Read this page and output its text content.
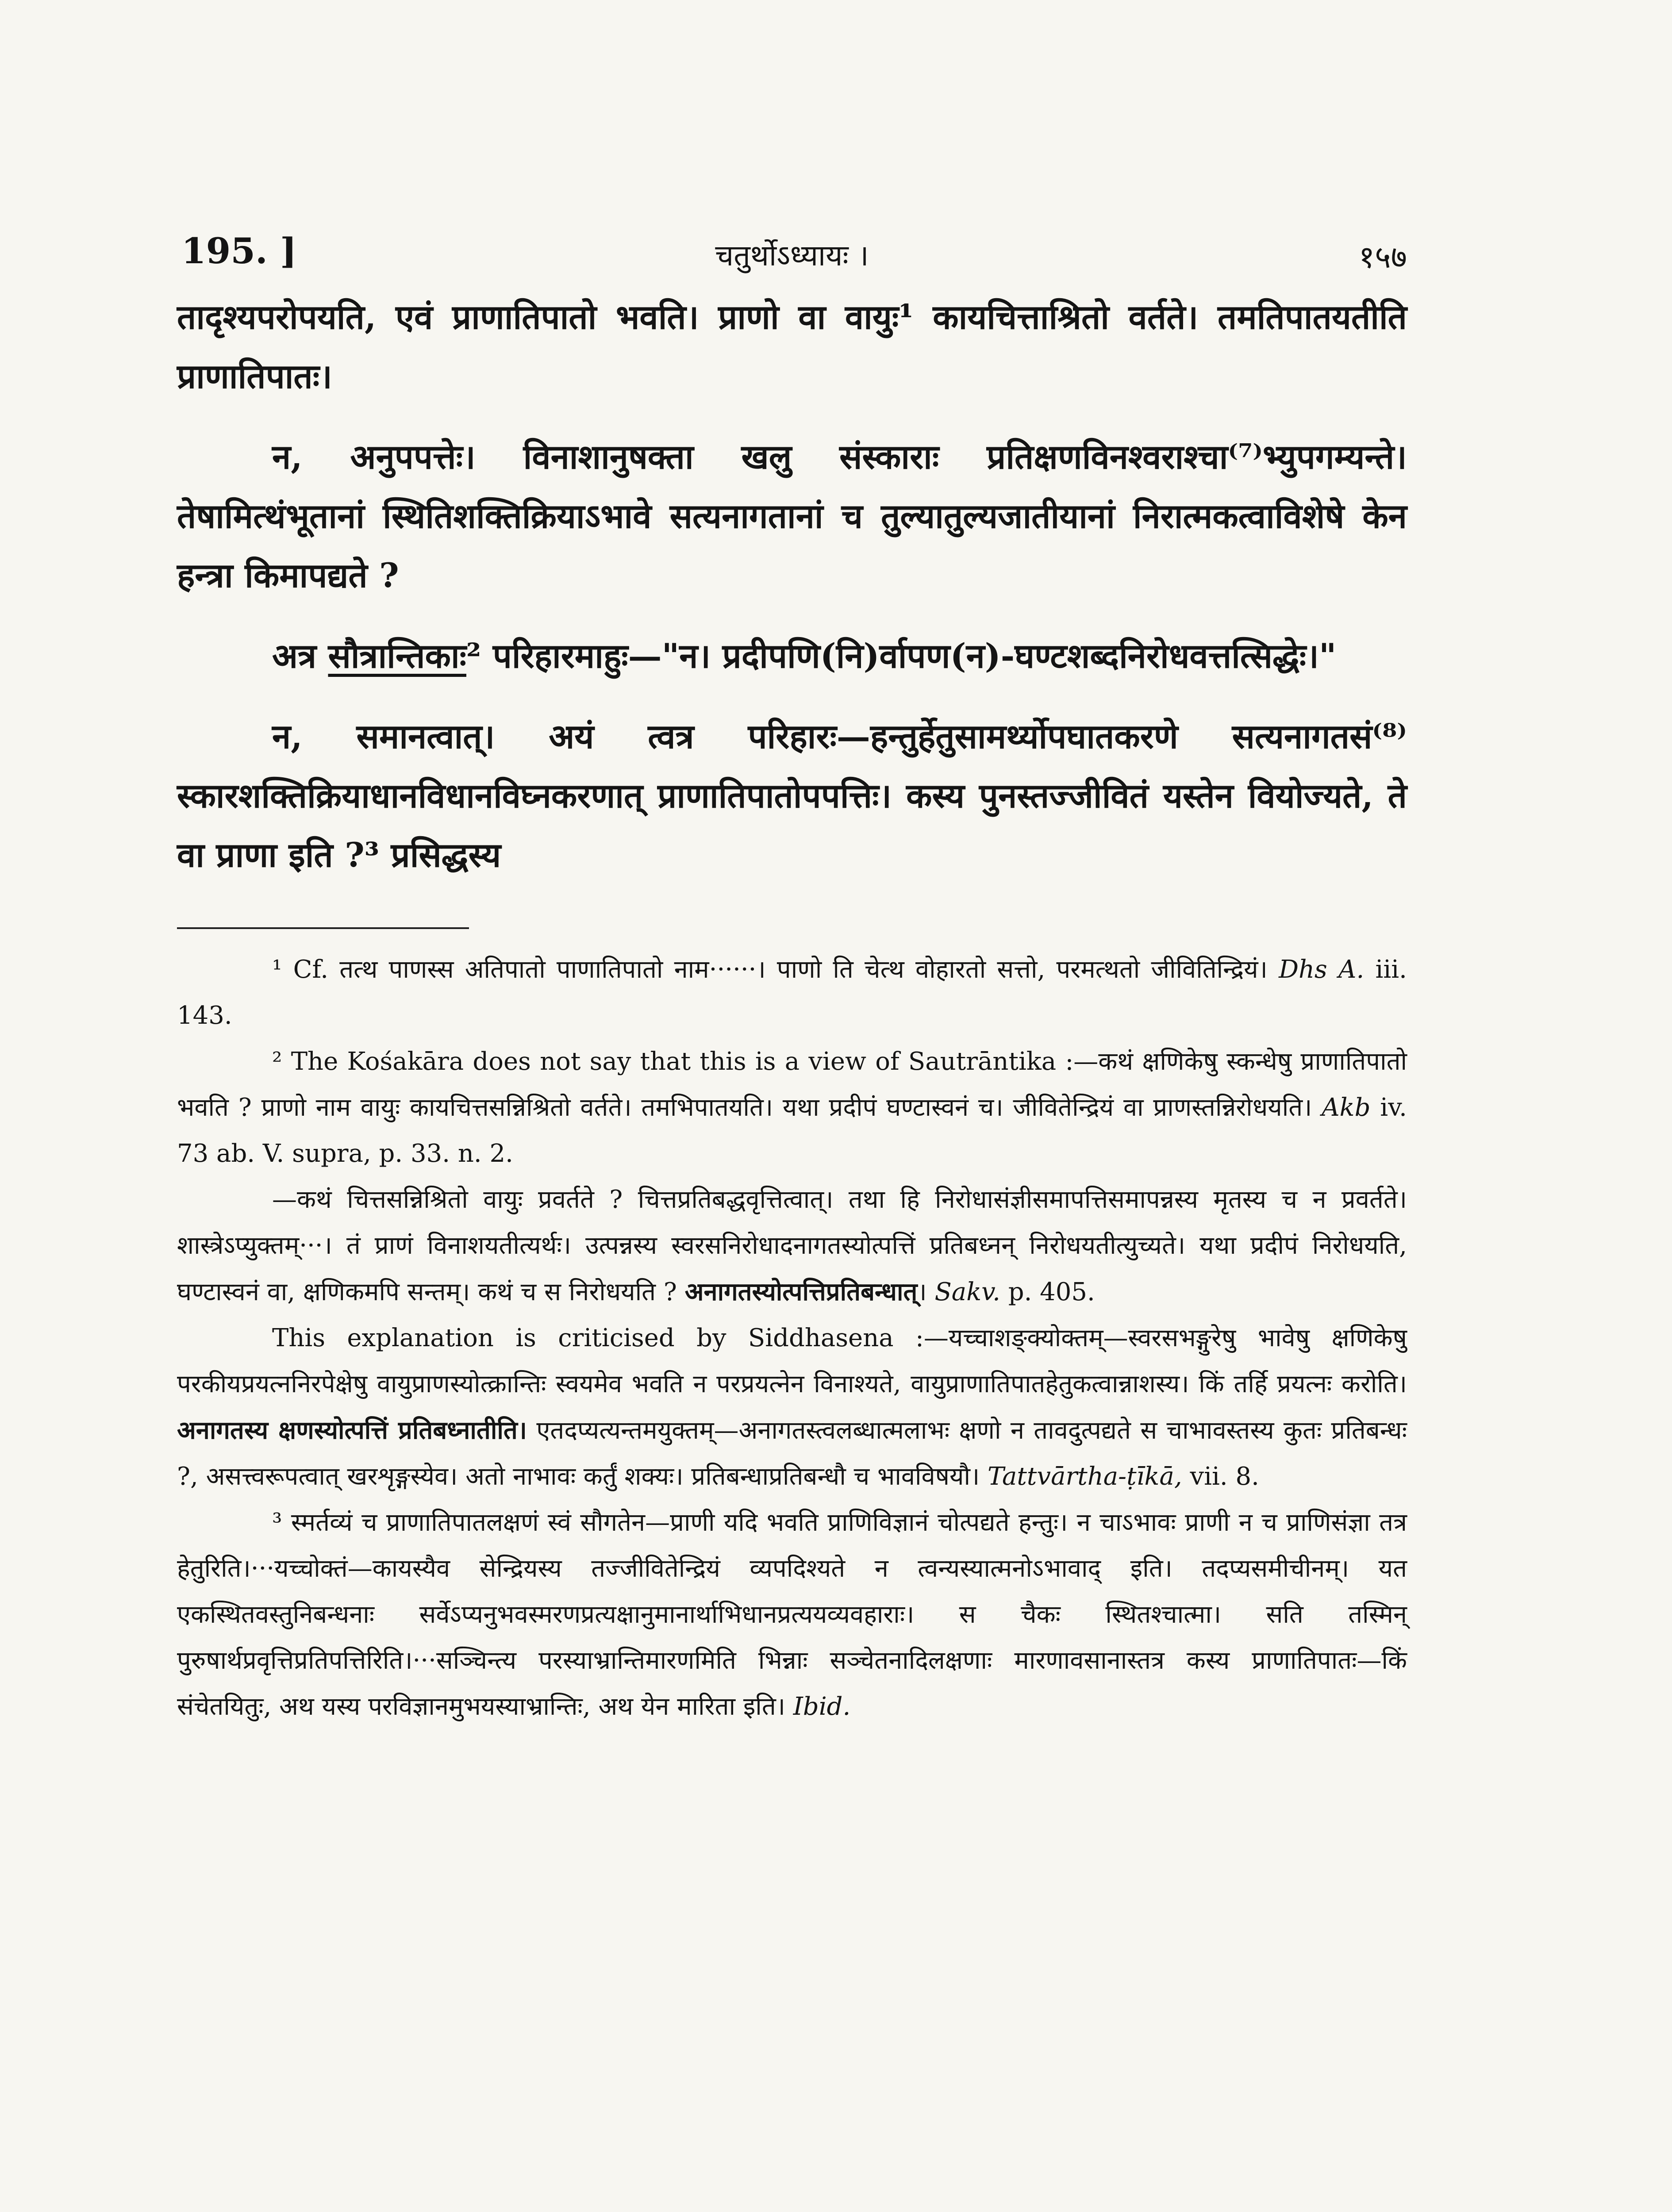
195. ]	चतुर्थोऽध्यायः ।	१५७

तादृश्यपरोपयति, एवं प्राणातिपातो भवति। प्राणो वा वायुः¹ कायचित्ताश्रितो वर्तते। तमतिपातयतीति प्राणातिपातः।

न, अनुपपत्तेः। विनाशानुषक्ता खलु संस्काराः प्रतिक्षणविनश्वराश्चा⁽⁷⁾भ्युपगम्यन्ते। तेषामित्थंभूतानां स्थितिशक्तिक्रियाऽभावे सत्यनागतानां च तुल्यातुल्यजातीयानां निरात्मकत्वाविशेषे केन हन्त्रा किमापद्यते ?

अत्र सौत्रान्तिकाः² परिहारमाहुः—"न। प्रदीपणि(नि)र्वापण(न)-घण्टशब्दनिरोधवत्तत्सिद्धेः।"

न, समानत्वात्। अयं त्वत्र परिहारः—हन्तुर्हेतुसामर्थ्योपघातकरणे सत्यनागतसं⁽⁸⁾स्कारशक्तिक्रियाधानविधानविघ्नकरणात् प्राणातिपातोपपत्तिः। कस्य पुनस्तज्जीवितं यस्तेन वियोज्यते, ते वा प्राणा इति ?³ प्रसिद्धस्य

¹ Cf. तत्थ पाणस्स अतिपातो पाणातिपातो नाम······। पाणो ति चेत्थ वोहारतो सत्तो, परमत्थतो जीवितिन्द्रियं। Dhs A. iii. 143.

² The Kośakāra does not say that this is a view of Sautrāntika :—कथं क्षणिकेषु स्कन्धेषु प्राणातिपातो भवति ? प्राणो नाम वायुः कायचित्तसन्निश्रितो वर्तते। तमभिपातयति। यथा प्रदीपं घण्टास्वनं च। जीवितेन्द्रियं वा प्राणस्तन्निरोधयति। Akb iv. 73 ab. V. supra, p. 33. n. 2.

—कथं चित्तसन्निश्रितो वायुः प्रवर्तते ? चित्तप्रतिबद्धवृत्तित्वात्। तथा हि निरोधासंज्ञीसमापत्तिसमापन्नस्य मृतस्य च न प्रवर्तते। शास्त्रेऽप्युक्तम्···। तं प्राणं विनाशयतीत्यर्थः। उत्पन्नस्य स्वरसनिरोधादनागतस्योत्पत्तिं प्रतिबध्नन् निरोधयतीत्युच्यते। यथा प्रदीपं निरोधयति, घण्टास्वनं वा, क्षणिकमपि सन्तम्। कथं च स निरोधयति ? अनागतस्योत्पत्तिप्रतिबन्धात्। Sakv. p. 405.

This explanation is criticised by Siddhasena :—यच्चाशङ्क्योक्तम्—स्वरसभङ्गुरेषु भावेषु क्षणिकेषु परकीयप्रयत्ननिरपेक्षेषु वायुप्राणस्योत्क्रान्तिः स्वयमेव भवति न परप्रयत्नेन विनाश्यते, वायुप्राणातिपातहेतुकत्वान्नाशस्य। किं तर्हि प्रयत्नः करोति। अनागतस्य क्षणस्योत्पत्तिं प्रतिबध्नातीति। एतदप्यत्यन्तमयुक्तम्—अनागतस्त्वलब्धात्मलाभः क्षणो न तावदुत्पद्यते स चाभावस्तस्य कुतः प्रतिबन्धः ?, असत्त्वरूपत्वात् खरशृङ्गस्येव। अतो नाभावः कर्तुं शक्यः। प्रतिबन्धाप्रतिबन्धौ च भावविषयौ। Tattvārtha-ṭīkā, vii. 8.

³ स्मर्तव्यं च प्राणातिपातलक्षणं स्वं सौगतेन—प्राणी यदि भवति प्राणिविज्ञानं चोत्पद्यते हन्तुः। न चाऽभावः प्राणी न च प्राणिसंज्ञा तत्र हेतुरिति।···यच्चोक्तं—कायस्यैव सेन्द्रियस्य तज्जीवितेन्द्रियं व्यपदिश्यते न त्वन्यस्यात्मनोऽभावाद् इति। तदप्यसमीचीनम्। यत एकस्थितवस्तुनिबन्धनाः सर्वेऽप्यनुभवस्मरणप्रत्यक्षानुमानार्थाभिधानप्रत्ययव्यवहाराः। स चैकः स्थितश्चात्मा। सति तस्मिन् पुरुषार्थप्रवृत्तिप्रतिपत्तिरिति।···सञ्चिन्त्य परस्याभ्रान्तिमारणमिति भिन्नाः सञ्चेतनादिलक्षणाः मारणावसानास्तत्र कस्य प्राणातिपातः—किं संचेतयितुः, अथ यस्य परविज्ञानमुभयस्याभ्रान्तिः, अथ येन मारिता इति। Ibid.
